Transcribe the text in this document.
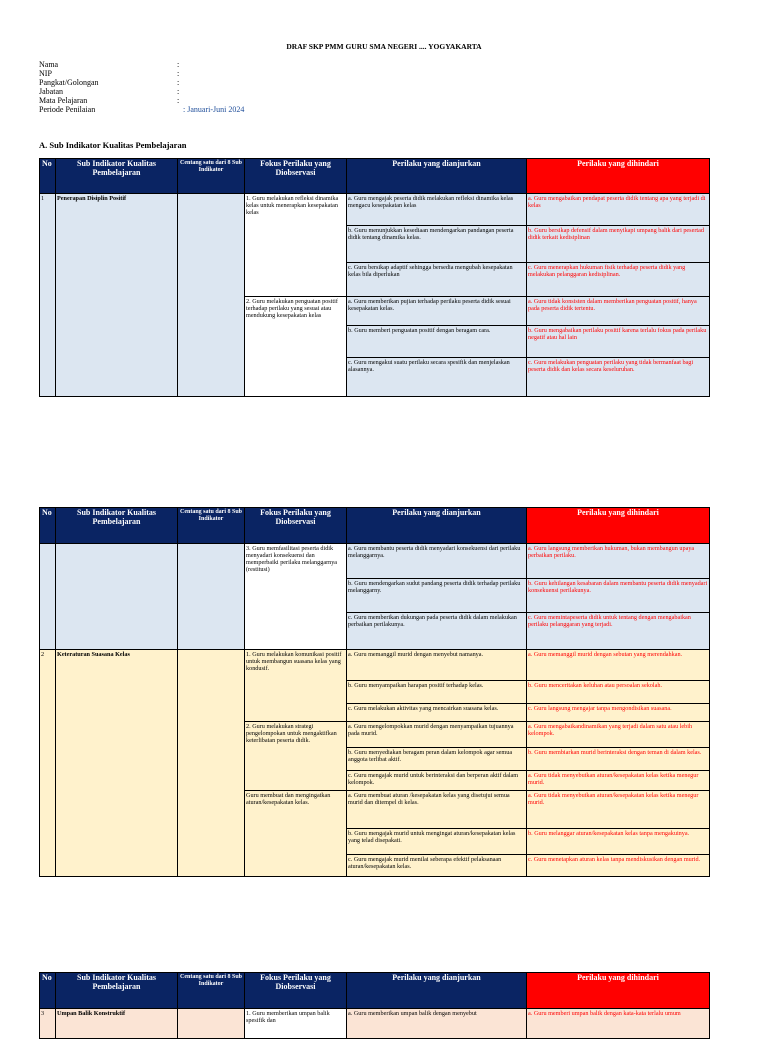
DRAF SKP PMM GURU SMA NEGERI .... YOGYAKARTA
Nama	:
NIP	:
Pangkat/Golongan	:
Jabatan	:
Mata Pelajaran	:
Periode Penilaian	: Januari-Juni 2024
A. Sub Indikator Kualitas Pembelajaran
No	Sub Indikator Kualitas Pembelajaran	Centang satu dari 8 Sub Indikator	Fokus Perilaku yang Diobservasi	Perilaku yang dianjurkan	Perilaku yang dihindari
1	Penerapan Disiplin Positif		1. Guru melakukan refleksi dinamika kelas untuk menerapkan kesepakatan kelas	a. Guru mengajak peserta didik melakukan refleksi dinamika kelas mengacu kesepakatan kelas	a. Guru mengabaikan pendapat peserta didik tentang apa yang terjadi di kelas
				b. Guru menunjukkan kesediaan mendengarkan pandangan peserta didik tentang dinamika kelas.	b. Guru bersikap defensif dalam menyikapi umpang balik dari pesertad didik terkait kedisiplinan
				c. Guru bersikap adaptif sehingga bersedia mengubah kesepakatan kelas bila diperlukan	c. Guru menerapkan hukuman fisik terhadap peserta didik yang melakukan pelanggaran kedisiplinan.
			2. Guru melakukan penguatan positif terhadap perilaku yang sesuai atau mendukung kesepakatan kelas	a. Guru memberikan pujian terhadap perilaku peserta didik sesuai kesepakatan kelas.	a. Guru tidak konsisten dalam memberikan penguatan positif, hanya pada peserta didik tertentu.
				b. Guru memberi penguatan positif dengan beragam cara.	b. Guru mengabaikan perilaku positif karena terlalu fokus pada perilaku negatif atau hal lain
				c. Guru mengakui suatu perilaku secara spesifik dan menjelaskan alasannya.	c. Guru melakukan penguatan perilaku yang tidak bermanfaat bagi peserta didik dan kelas secara keseluruhan.
No	Sub Indikator Kualitas Pembelajaran	Centang satu dari 8 Sub Indikator	Fokus Perilaku yang Diobservasi	Perilaku yang dianjurkan	Perilaku yang dihindari
			3. Guru memfasilitasi peserta didik menyadari konsekuensi dan memperbaiki perilaku melanggarnya (restitusi)	a. Guru membantu peserta didik menyadari konsekuensi dari perilaku melanggarnya.	a. Guru langsung memberikan hukuman, bukan membangun upaya perbaikan perilaku.
				b. Guru mendengarkan sudut pandang peserta didik terhadap perilaku melanggarny.	b. Guru kehilangan kesabaran dalam membantu peserta didik menyadari konsekuensi perilakunya.
				c. Guru memberikan dukungan pada peserta didik dalam melakukan perbaikan perilakunya.	c. Guru memintapeserta didik untuk tentang dengan mengabaikan perilaku pelanggaran yang terjadi.
2	Keteraturan Suasana Kelas		1. Guru melakukan komunikasi positif untuk membangun suasana kelas yang kondusif.	a. Guru memanggil murid dengan menyebut namanya.	a. Guru memanggil murid dengan sebutan yang merendahkan.
				b. Guru menyampaikan harapan positif terhadap kelas.	b. Guru menceritakan keluhan atau persoalan sekolah.
				c. Guru melakukan aktivitas yang mencairkan suasana kelas.	c. Guru langsung mengajar tanpa mengondisikan suasana.
			2. Guru melakukan strategi pengelompokan untuk mengaktifkan keterlibatan peserta didik.	a. Guru mengelompokkan murid dengan menyampaikan tujuannya pada murid.	a. Guru mengabaikandinamikan yang terjadi dalam satu atau lebih kelompok.
				b. Guru menyediakan beragam peran dalam kelompok agar semua anggota terlibat aktif.	b. Guru membiarkan murid berinteraksi dengan teman di dalam kelas.
				c. Guru mengajak murid untuk berinteraksi dan berperan aktif dalam kelompok.	a. Guru tidak menyebutkan aturan/kesepakatan kelas ketika menegur murid.
			Guru membuat dan mengingatkan aturan/kesepakatan kelas.	a. Guru membuat aturan /kesepakatan kelas yang disetujui semua murid dan ditempel di kelas.	a. Guru tidak menyebutkan aturan/kesepakatan kelas ketika menegur murid.
				b. Guru mengajak murid untuk mengingat aturan/kesepakatan kelas yang telad disepakati.	b. Guru melanggar aturan/kesepakatan kelas tanpa mengakuinya.
				c. Guru mengajak murid menilai seberapa efektif pelaksanaan aturan/kesepakatan kelas.	c. Guru menetapkan aturan kelas tanpa mendiskusikan dengan murid.
No	Sub Indikator Kualitas Pembelajaran	Centang satu dari 8 Sub Indikator	Fokus Perilaku yang Diobservasi	Perilaku yang dianjurkan	Perilaku yang dihindari
3	Umpan Balik Konstruktif		1. Guru memberikan umpan balik spesifik dan	a. Guru memberikan umpan balik dengan menyebut	a. Guru memberi umpan balik dengan kata-kata terlalu umum
